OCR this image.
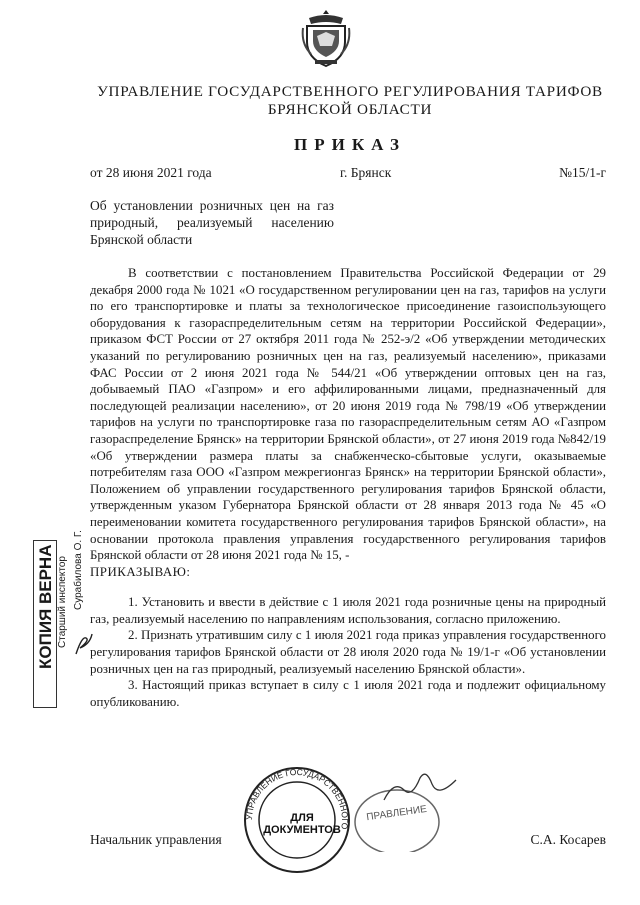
УПРАВЛЕНИЕ ГОСУДАРСТВЕННОГО РЕГУЛИРОВАНИЯ ТАРИФОВ
БРЯНСКОЙ ОБЛАСТИ
ПРИКАЗ
от 28 июня 2021 года	г. Брянск	№15/1-г
Об установлении розничных цен на газ природный, реализуемый населению Брянской области

В соответствии с постановлением Правительства Российской Федерации от 29 декабря 2000 года № 1021 «О государственном регулировании цен на газ, тарифов на услуги по его транспортировке и платы за технологическое присоединение газоиспользующего оборудования к газораспределительным сетям на территории Российской Федерации», приказом ФСТ России от 27 октября 2011 года № 252-э/2 «Об утверждении методических указаний по регулированию розничных цен на газ, реализуемый населению», приказами ФАС России от 2 июня 2021 года № 544/21 «Об утверждении оптовых цен на газ, добываемый ПАО «Газпром» и его аффилированными лицами, предназначенный для последующей реализации населению», от 20 июня 2019 года № 798/19 «Об утверждении тарифов на услуги по транспортировке газа по газораспределительным сетям АО «Газпром газораспределение Брянск» на территории Брянской области», от 27 июня 2019 года №842/19 «Об утверждении размера платы за снабженческо-сбытовые услуги, оказываемые потребителям газа ООО «Газпром межрегионгаз Брянск» на территории Брянской области», Положением об управлении государственного регулирования тарифов Брянской области, утвержденным указом Губернатора Брянской области от 28 января 2013 года № 45 «О переименовании комитета государственного регулирования тарифов Брянской области», на основании протокола правления управления государственного регулирования тарифов Брянской области от 28 июня 2021 года № 15, -

ПРИКАЗЫВАЮ:

1. Установить и ввести в действие с 1 июля 2021 года розничные цены на природный газ, реализуемый населению по направлениям использования, согласно приложению.

2. Признать утратившим силу с 1 июля 2021 года приказ управления государственного регулирования тарифов Брянской области от 28 июля 2020 года № 19/1-г «Об установлении розничных цен на газ природный, реализуемый населению Брянской области».

3. Настоящий приказ вступает в силу с 1 июля 2021 года и подлежит официальному опубликованию.

Начальник управления	С.А. Косарев
КОПИЯ ВЕРНА Старший инспектор Сурабилова О. Г.
УПРАВЛЕНИЕ ГОСУДАРСТВЕННОГО
ДЛЯ
ДОКУМЕНТОВ
ПРАВЛЕНИЕ
